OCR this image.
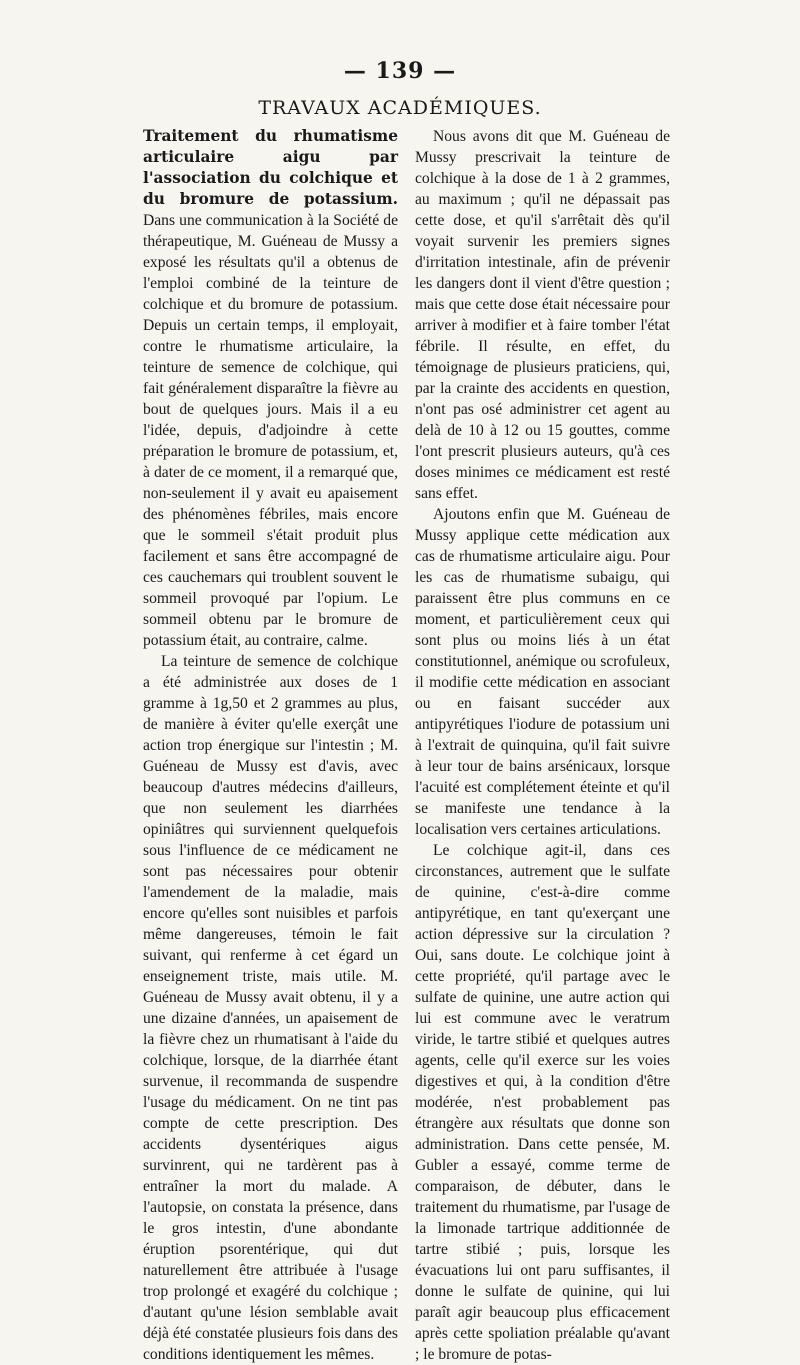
— 139 —
TRAVAUX ACADÉMIQUES.

Traitement du rhumatisme articulaire aigu par l'association du colchique et du bromure de potassium. Dans une communication à la Société de thérapeutique, M. Guéneau de Mussy a exposé les résultats qu'il a obtenus de l'emploi combiné de la teinture de colchique et du bromure de potassium. Depuis un certain temps, il employait, contre le rhumatisme articulaire, la teinture de semence de colchique, qui fait généralement disparaître la fièvre au bout de quelques jours. Mais il a eu l'idée, depuis, d'adjoindre à cette préparation le bromure de potassium, et, à dater de ce moment, il a remarqué que, non-seulement il y avait eu apaisement des phénomènes fébriles, mais encore que le sommeil s'était produit plus facilement et sans être accompagné de ces cauchemars qui troublent souvent le sommeil provoqué par l'opium. Le sommeil obtenu par le bromure de potassium était, au contraire, calme.

La teinture de semence de colchique a été administrée aux doses de 1 gramme à 1g,50 et 2 grammes au plus, de manière à éviter qu'elle exerçât une action trop énergique sur l'intestin ; M. Guéneau de Mussy est d'avis, avec beaucoup d'autres médecins d'ailleurs, que non seulement les diarrhées opiniâtres qui surviennent quelquefois sous l'influence de ce médicament ne sont pas nécessaires pour obtenir l'amendement de la maladie, mais encore qu'elles sont nuisibles et parfois même dangereuses, témoin le fait suivant, qui renferme à cet égard un enseignement triste, mais utile. M. Guéneau de Mussy avait obtenu, il y a une dizaine d'années, un apaisement de la fièvre chez un rhumatisant à l'aide du colchique, lorsque, de la diarrhée étant survenue, il recommanda de suspendre l'usage du médicament. On ne tint pas compte de cette prescription. Des accidents dysentériques aigus survinrent, qui ne tardèrent pas à entraîner la mort du malade. A l'autopsie, on constata la présence, dans le gros intestin, d'une abondante éruption psorentérique, qui dut naturellement être attribuée à l'usage trop prolongé et exagéré du colchique ; d'autant qu'une lésion semblable avait déjà été constatée plusieurs fois dans des conditions identiquement les mêmes.

Nous avons dit que M. Guéneau de Mussy prescrivait la teinture de colchique à la dose de 1 à 2 grammes, au maximum ; qu'il ne dépassait pas cette dose, et qu'il s'arrêtait dès qu'il voyait survenir les premiers signes d'irritation intestinale, afin de prévenir les dangers dont il vient d'être question ; mais que cette dose était nécessaire pour arriver à modifier et à faire tomber l'état fébrile. Il résulte, en effet, du témoignage de plusieurs praticiens, qui, par la crainte des accidents en question, n'ont pas osé administrer cet agent au delà de 10 à 12 ou 15 gouttes, comme l'ont prescrit plusieurs auteurs, qu'à ces doses minimes ce médicament est resté sans effet.

Ajoutons enfin que M. Guéneau de Mussy applique cette médication aux cas de rhumatisme articulaire aigu. Pour les cas de rhumatisme subaigu, qui paraissent être plus communs en ce moment, et particulièrement ceux qui sont plus ou moins liés à un état constitutionnel, anémique ou scrofuleux, il modifie cette médication en associant ou en faisant succéder aux antipyrétiques l'iodure de potassium uni à l'extrait de quinquina, qu'il fait suivre à leur tour de bains arsénicaux, lorsque l'acuité est complétement éteinte et qu'il se manifeste une tendance à la localisation vers certaines articulations.

Le colchique agit-il, dans ces circonstances, autrement que le sulfate de quinine, c'est-à-dire comme antipyrétique, en tant qu'exerçant une action dépressive sur la circulation ? Oui, sans doute. Le colchique joint à cette propriété, qu'il partage avec le sulfate de quinine, une autre action qui lui est commune avec le veratrum viride, le tartre stibié et quelques autres agents, celle qu'il exerce sur les voies digestives et qui, à la condition d'être modérée, n'est probablement pas étrangère aux résultats que donne son administration. Dans cette pensée, M. Gubler a essayé, comme terme de comparaison, de débuter, dans le traitement du rhumatisme, par l'usage de la limonade tartrique additionnée de tartre stibié ; puis, lorsque les évacuations lui ont paru suffisantes, il donne le sulfate de quinine, qui lui paraît agir beaucoup plus efficacement après cette spoliation préalable qu'avant ; le bromure de potas-
